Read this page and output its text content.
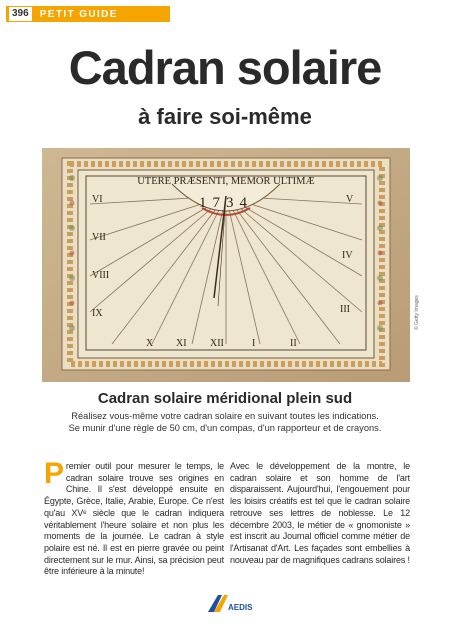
396	PETIT GUIDE
Cadran solaire
à faire soi-même
UTERE PRÆSENTI, MEMOR ULTIMÆ
1734
VI
VII
VIII
IX
X XI XII	I	II
V
IV
III	© Getty Images
Cadran solaire méridional plein sud
Réalisez vous-même votre cadran solaire en suivant toutes les indications.
Se munir d'une règle de 50 cm, d'un compas, d'un rapporteur et de crayons.
Premier outil pour mesurer le temps, le cadran solaire trouve ses origines en Chine. Il s'est développé ensuite en Égypte, Grèce, Italie, Arabie, Europe. Ce n'est qu'au XVᵉ siècle que le cadran indiquera véritablement l'heure solaire et non plus les moments de la journée. Le cadran à style polaire est né. Il est en pierre gravée ou peint directement sur le mur. Ainsi, sa précision peut être inférieure à la minute!
Avec le développement de la montre, le cadran solaire et son homme de l'art disparaissent. Aujourd'hui, l'engouement pour les loisirs créatifs est tel que le cadran solaire retrouve ses lettres de noblesse. Le 12 décembre 2003, le métier de « gnomoniste » est inscrit au Journal officiel comme métier de l'Artisanat d'Art. Les façades sont embellies à nouveau par de magnifiques cadrans solaires !
AEDIS
